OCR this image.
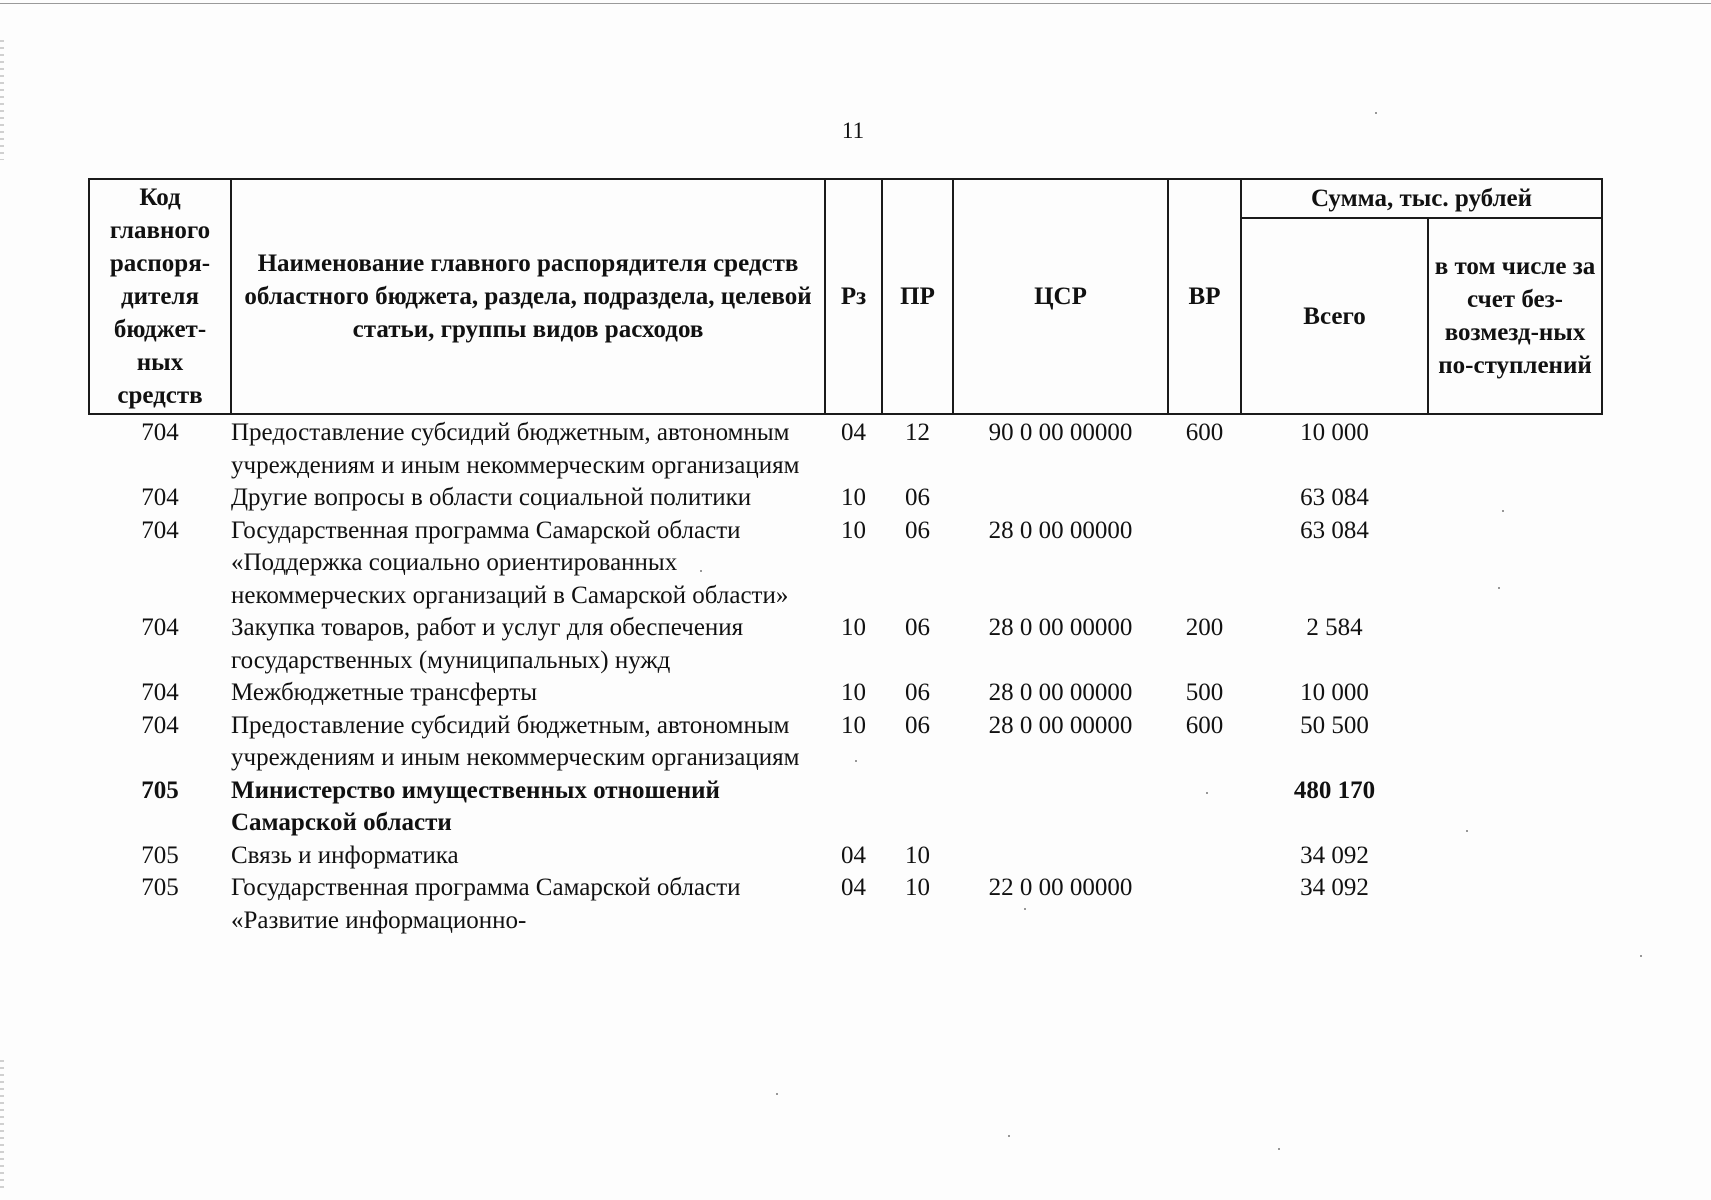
11
Код главного распоря-дителя бюджет-ных средств	Наименование главного распорядителя средств областного бюджета, раздела, подраздела, целевой статьи, группы видов расходов	Рз	ПР	ЦСР	ВР	Сумма, тыс. рублей	
						Всего	в том числе за счет без-возмезд-ных по-ступлений
704	Предоставление субсидий бюджетным, автономным учреждениям и иным некоммерческим организациям	04	12	90 0 00 00000	600	10 000	
704	Другие вопросы в области социальной политики	10	06			63 084	
704	Государственная программа Самарской области «Поддержка социально ориентированных некоммерческих организаций в Самарской области»	10	06	28 0 00 00000		63 084	
704	Закупка товаров, работ и услуг для обеспечения государственных (муниципальных) нужд	10	06	28 0 00 00000	200	2 584	
704	Межбюджетные трансферты	10	06	28 0 00 00000	500	10 000	
704	Предоставление субсидий бюджетным, автономным учреждениям и иным некоммерческим организациям	10	06	28 0 00 00000	600	50 500	
705	Министерство имущественных отношений Самарской области					480 170	
705	Связь и информатика	04	10			34 092	
705	Государственная программа Самарской области «Развитие информационно-	04	10	22 0 00 00000		34 092	
